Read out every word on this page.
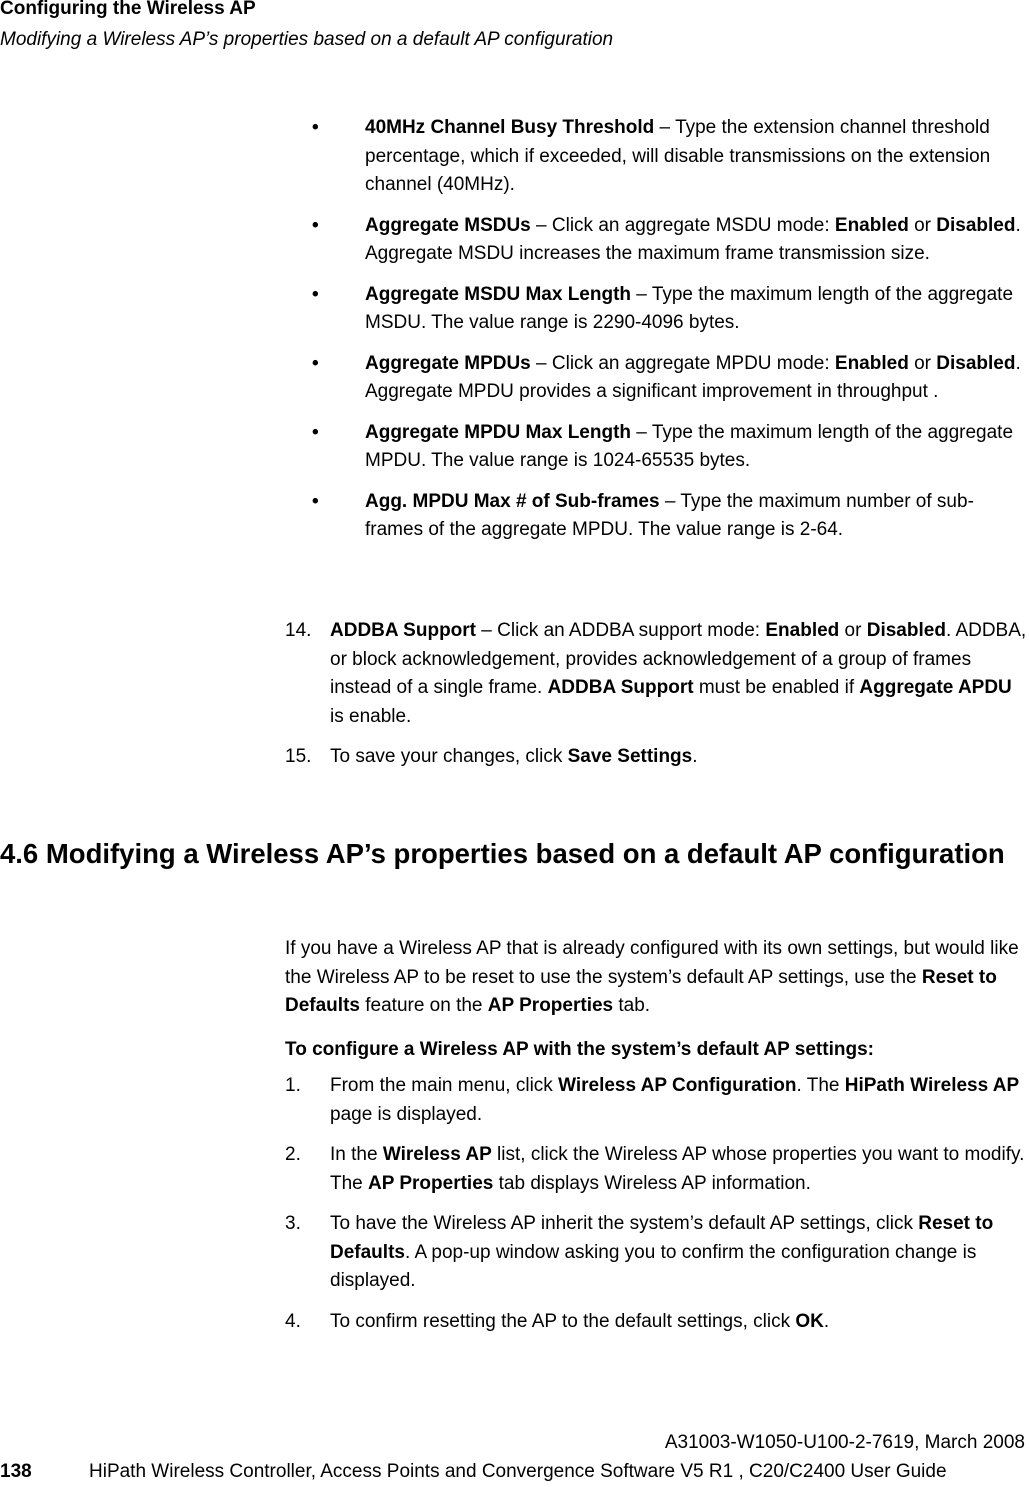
Configuring the Wireless AP
Modifying a Wireless AP’s properties based on a default AP configuration
• 40MHz Channel Busy Threshold – Type the extension channel threshold percentage, which if exceeded, will disable transmissions on the extension channel (40MHz).
• Aggregate MSDUs – Click an aggregate MSDU mode: Enabled or Disabled. Aggregate MSDU increases the maximum frame transmission size.
• Aggregate MSDU Max Length – Type the maximum length of the aggregate MSDU. The value range is 2290-4096 bytes.
• Aggregate MPDUs – Click an aggregate MPDU mode: Enabled or Disabled. Aggregate MPDU provides a significant improvement in throughput .
• Aggregate MPDU Max Length – Type the maximum length of the aggregate MPDU. The value range is 1024-65535 bytes.
• Agg. MPDU Max # of Sub-frames – Type the maximum number of sub-frames of the aggregate MPDU. The value range is 2-64.
14. ADDBA Support – Click an ADDBA support mode: Enabled or Disabled. ADDBA, or block acknowledgement, provides acknowledgement of a group of frames instead of a single frame. ADDBA Support must be enabled if Aggregate APDU is enable.
15. To save your changes, click Save Settings.
4.6 Modifying a Wireless AP’s properties based on a default AP configuration
If you have a Wireless AP that is already configured with its own settings, but would like the Wireless AP to be reset to use the system’s default AP settings, use the Reset to Defaults feature on the AP Properties tab.
To configure a Wireless AP with the system’s default AP settings:
1. From the main menu, click Wireless AP Configuration. The HiPath Wireless AP page is displayed.
2. In the Wireless AP list, click the Wireless AP whose properties you want to modify. The AP Properties tab displays Wireless AP information.
3. To have the Wireless AP inherit the system’s default AP settings, click Reset to Defaults. A pop-up window asking you to confirm the configuration change is displayed.
4. To confirm resetting the AP to the default settings, click OK.
A31003-W1050-U100-2-7619, March 2008
138	HiPath Wireless Controller, Access Points and Convergence Software V5 R1 , C20/C2400 User Guide
